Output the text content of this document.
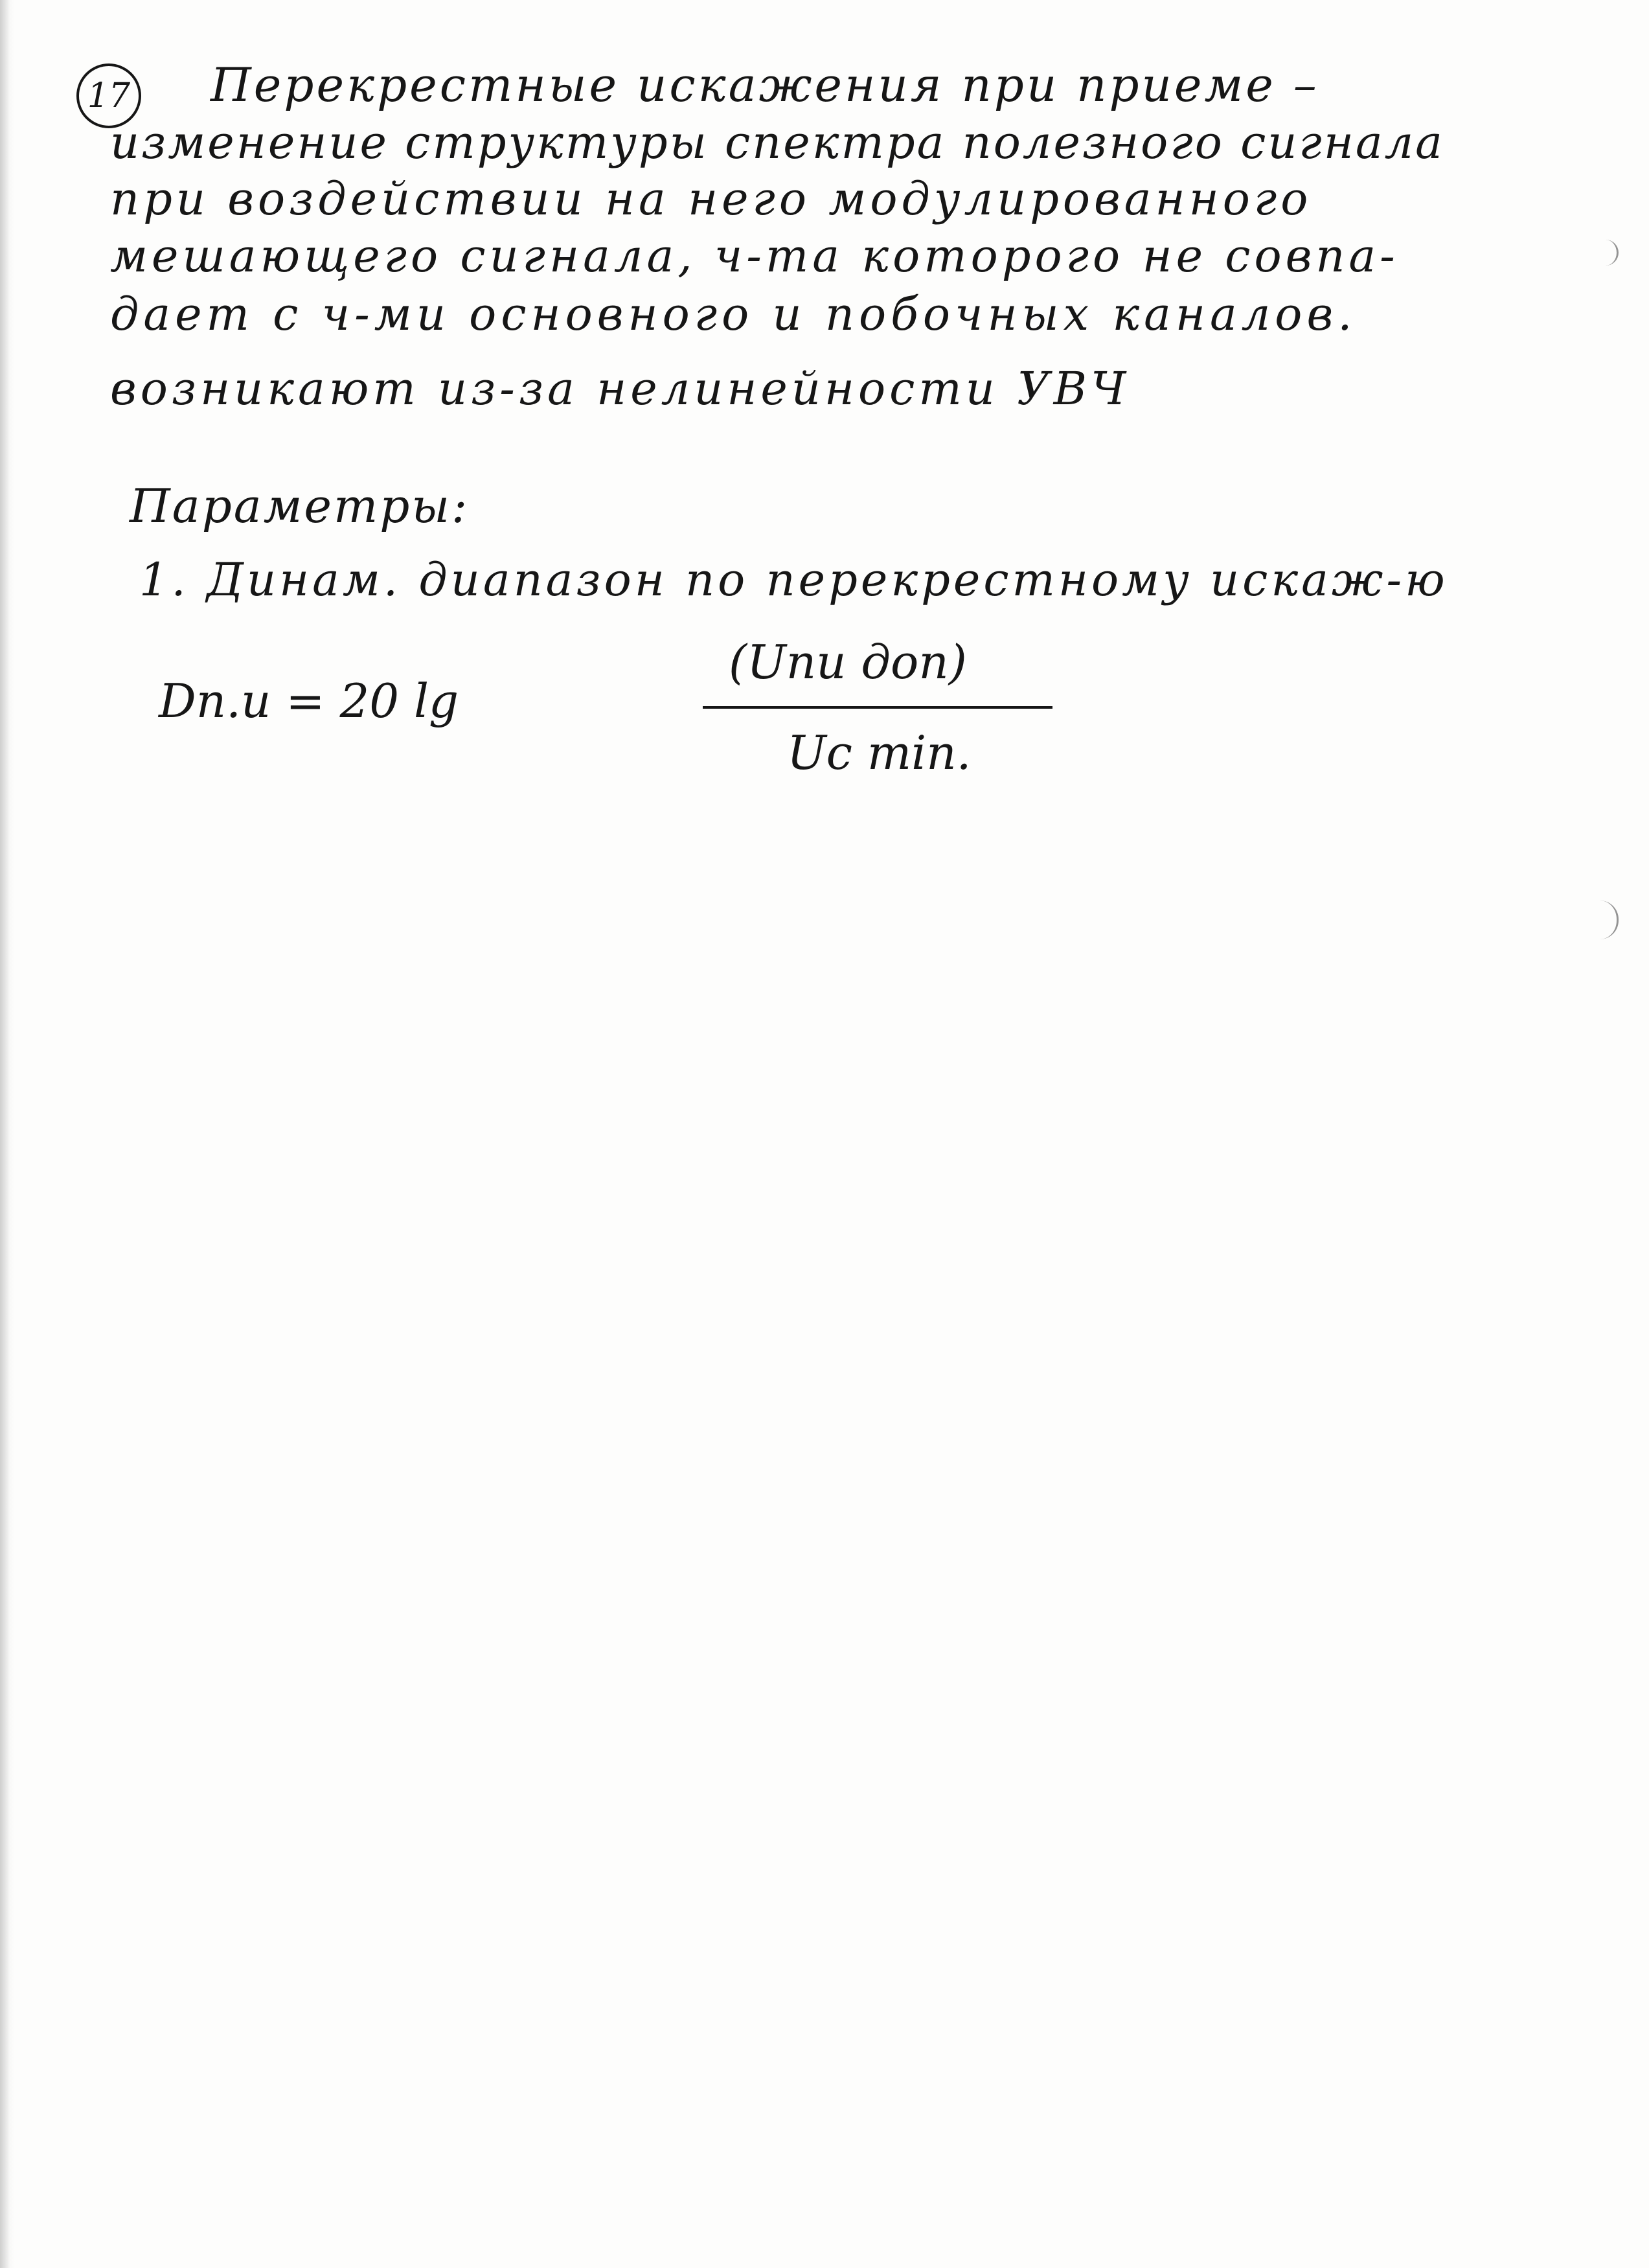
17 Перекрестные искажения при приеме –
изменение структуры спектра полезного сигнала
при воздействии на него модулированного
мешающего сигнала, ч-та которого не совпа-
дает с ч-ми основного и побочных каналов.
возникают из-за нелинейности УВЧ
Параметры:
1. Динам. диапазон по перекрестному искаж-ю
Dп.и = 20 lg
(Uпи доп)
Uc min.
